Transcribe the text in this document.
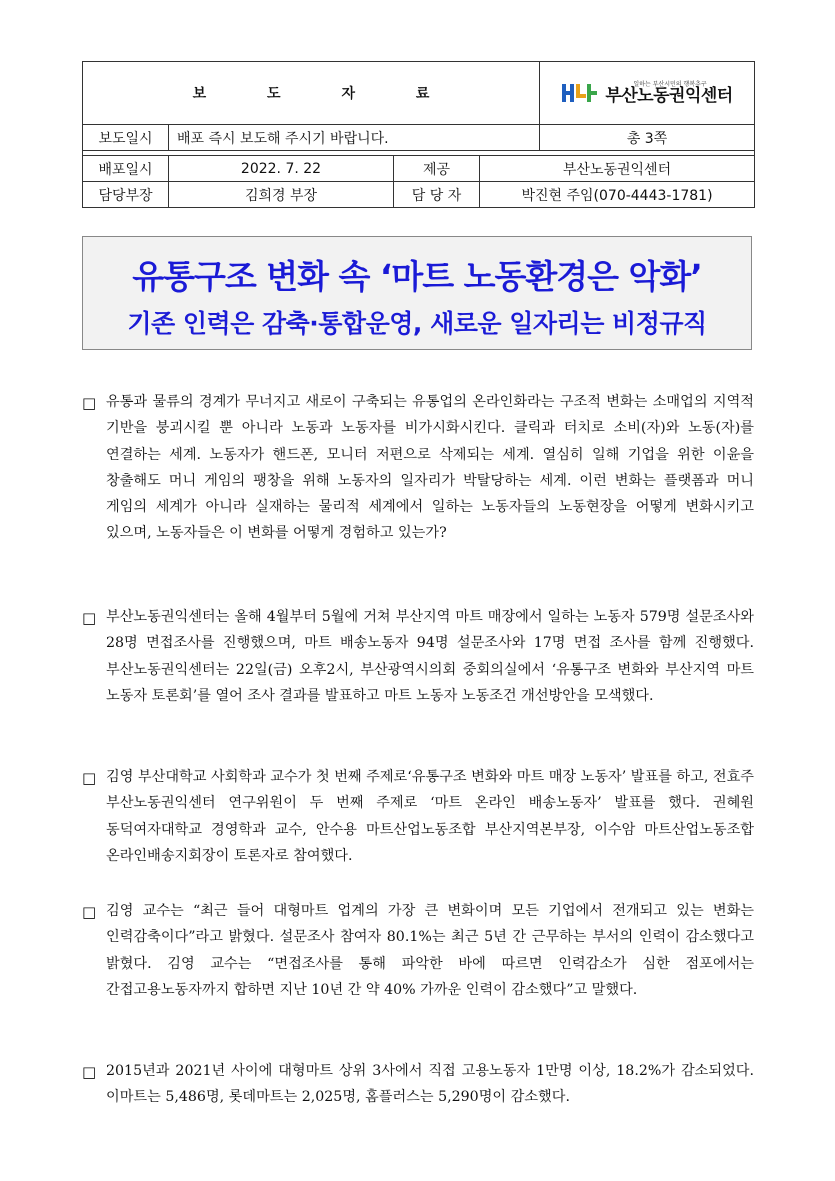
보 도 자 료				일하는 부산시민의 행복추구
부산노동권익센터

보도일시	배포 즉시 보도해 주시기 바랍니다.			총 3쪽

배포일시	2022. 7. 22	제공	부산노동권익센터	
담당부장	김희경 부장	담 당 자	박진현 주임(070-4443-1781)	
유통구조 변화 속 ‘마트 노동환경은 악화’
기존 인력은 감축·통합운영, 새로운 일자리는 비정규직
□ 유통과 물류의 경계가 무너지고 새로이 구축되는 유통업의 온라인화라는 구조적 변화는 소매업의 지역적 기반을 붕괴시킬 뿐 아니라 노동과 노동자를 비가시화시킨다. 클릭과 터치로 소비(자)와 노동(자)를 연결하는 세계. 노동자가 핸드폰, 모니터 저편으로 삭제되는 세계. 열심히 일해 기업을 위한 이윤을 창출해도 머니 게임의 팽창을 위해 노동자의 일자리가 박탈당하는 세계. 이런 변화는 플랫폼과 머니 게임의 세계가 아니라 실재하는 물리적 세계에서 일하는 노동자들의 노동현장을 어떻게 변화시키고 있으며, 노동자들은 이 변화를 어떻게 경험하고 있는가?
□ 부산노동권익센터는 올해 4월부터 5월에 거쳐 부산지역 마트 매장에서 일하는 노동자 579명 설문조사와 28명 면접조사를 진행했으며, 마트 배송노동자 94명 설문조사와 17명 면접 조사를 함께 진행했다. 부산노동권익센터는 22일(금) 오후2시, 부산광역시의회 중회의실에서 ‘유통구조 변화와 부산지역 마트 노동자 토론회’를 열어 조사 결과를 발표하고 마트 노동자 노동조건 개선방안을 모색했다.
□ 김영 부산대학교 사회학과 교수가 첫 번째 주제로‘유통구조 변화와 마트 매장 노동자’ 발표를 하고, 전효주 부산노동권익센터 연구위원이 두 번째 주제로 ‘마트 온라인 배송노동자’ 발표를 했다. 권혜원 동덕여자대학교 경영학과 교수, 안수용 마트산업노동조합 부산지역본부장, 이수암 마트산업노동조합 온라인배송지회장이 토론자로 참여했다.
□ 김영 교수는 “최근 들어 대형마트 업계의 가장 큰 변화이며 모든 기업에서 전개되고 있는 변화는 인력감축이다”라고 밝혔다. 설문조사 참여자 80.1%는 최근 5년 간 근무하는 부서의 인력이 감소했다고 밝혔다. 김영 교수는 “면접조사를 통해 파악한 바에 따르면 인력감소가 심한 점포에서는 간접고용노동자까지 합하면 지난 10년 간 약 40% 가까운 인력이 감소했다”고 말했다.
□ 2015년과 2021년 사이에 대형마트 상위 3사에서 직접 고용노동자 1만명 이상, 18.2%가 감소되었다. 이마트는 5,486명, 롯데마트는 2,025명, 홈플러스는 5,290명이 감소했다.
